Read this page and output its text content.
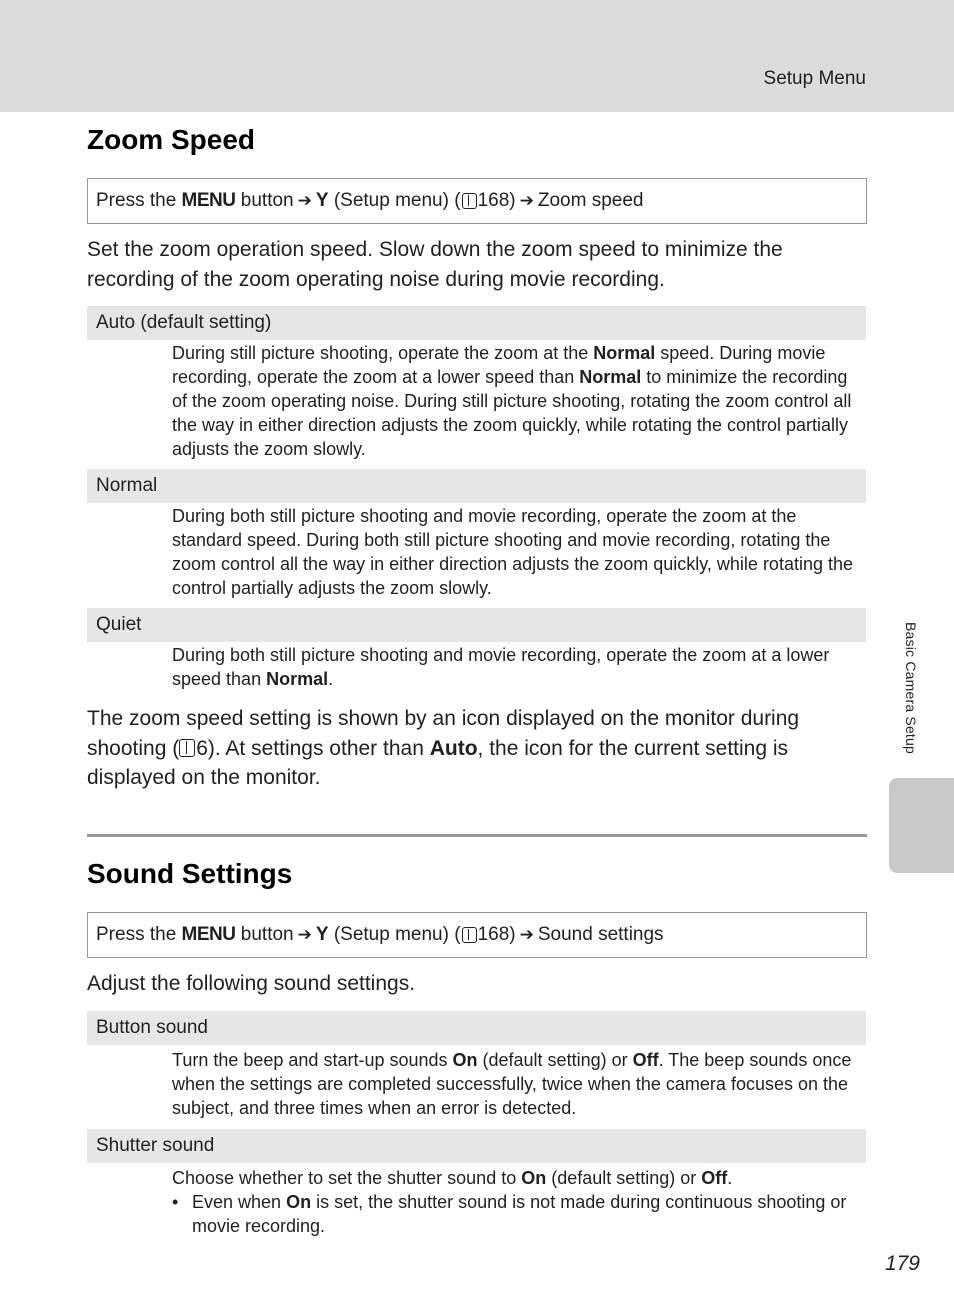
Setup Menu
Basic Camera Setup
Zoom Speed
Press the
MENU
button ➔ Y
(Setup menu) ( 168) ➔ Zoom speed
Set the zoom operation speed. Slow down the zoom speed to minimize the recording of the zoom operating noise during movie recording.
Auto (default setting)
During still picture shooting, operate the zoom at the Normal speed. During movie recording, operate the zoom at a lower speed than Normal to minimize the recording of the zoom operating noise. During still picture shooting, rotating the zoom control all the way in either direction adjusts the zoom quickly, while rotating the control partially adjusts the zoom slowly.
Normal
During both still picture shooting and movie recording, operate the zoom at the standard speed. During both still picture shooting and movie recording, rotating the zoom control all the way in either direction adjusts the zoom quickly, while rotating the control partially adjusts the zoom slowly.
Quiet
During both still picture shooting and movie recording, operate the zoom at a lower speed than Normal.
The zoom speed setting is shown by an icon displayed on the monitor during shooting ( 6). At settings other than Auto, the icon for the current setting is displayed on the monitor.
Sound Settings
Press the
MENU
button ➔ Y
(Setup menu) ( 168) ➔ Sound settings
Adjust the following sound settings.
Button sound
Turn the beep and start-up sounds On (default setting) or Off. The beep sounds once when the settings are completed successfully, twice when the camera focuses on the subject, and three times when an error is detected.
Shutter sound
Choose whether to set the shutter sound to On (default setting) or Off.
• Even when On is set, the shutter sound is not made during continuous shooting or movie recording.
179
